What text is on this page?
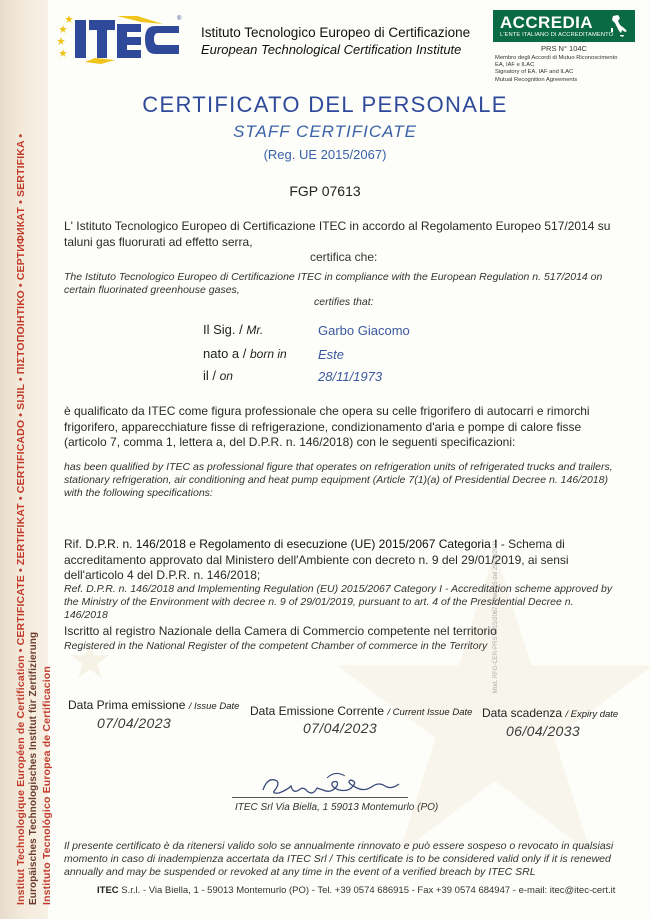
Institut Technologique Européen de Certification • CERTIFICATE • ZERTIFIKAT • CERTIFICADO • SIJIL • ΠΙΣΤΟΠΟΙΗΤΙΚΟ • СЕРТИФИКАТ • SERTIFIKA • Europäisches Technologisches Institut für Zertifizierung Instituto Tecnológico Europea de Certificacion
Mod. RFG-CER-PRS 2015/2067 | Rev. 05 del 29/05/2021
®
Istituto Tecnologico Europeo di Certificazione
European Technological Certification Institute
ACCREDIA
L'ENTE ITALIANO DI ACCREDITAMENTO
PRS N° 104C
Membro degli Accordi di Mutuo Riconoscimento
EA, IAF e ILAC
Signatory of EA, IAF and ILAC
Mutual Recognition Agreements
CERTIFICATO DEL PERSONALE
STAFF CERTIFICATE
(Reg. UE 2015/2067)
FGP 07613
L' Istituto Tecnologico Europeo di Certificazione ITEC in accordo al Regolamento Europeo 517/2014 su taluni gas fluorurati ad effetto serra,
certifica che:
The Istituto Tecnologico Europeo di Certificazione ITEC in compliance with the European Regulation n. 517/2014 on certain fluorinated greenhouse gases,
certifies that:
Il Sig. / Mr.	Garbo Giacomo
nato a / born in Este
il / on	28/11/1973
è qualificato da ITEC come figura professionale che opera su celle frigorifero di autocarri e rimorchi frigorifero, apparecchiature fisse di refrigerazione, condizionamento d'aria e pompe di calore fisse (articolo 7, comma 1, lettera a, del D.P.R. n. 146/2018) con le seguenti specificazioni:
has been qualified by ITEC as professional figure that operates on refrigeration units of refrigerated trucks and trailers, stationary refrigeration, air conditioning and heat pump equipment (Article 7(1)(a) of Presidential Decree n. 146/2018) with the following specifications:
Rif. D.P.R. n. 146/2018 e Regolamento di esecuzione (UE) 2015/2067 Categoria I - Schema di accreditamento approvato dal Ministero dell'Ambiente con decreto n. 9 del 29/01/2019, ai sensi dell'articolo 4 del D.P.R. n. 146/2018;
Ref. D.P.R. n. 146/2018 and Implementing Regulation (EU) 2015/2067 Category I - Accreditation scheme approved by the Ministry of the Environment with decree n. 9 of 29/01/2019, pursuant to art. 4 of the Presidential Decree n. 146/2018
Iscritto al registro Nazionale della Camera di Commercio competente nel territorio
Registered in the National Register of the competent Chamber of commerce in the Territory
Data Prima emissione / Issue Date
07/04/2023
Data Emissione Corrente / Current Issue Date
07/04/2023
Data scadenza / Expiry date
06/04/2033
ITEC Srl Via Biella, 1 59013 Montemurlo (PO)
Il presente certificato è da ritenersi valido solo se annualmente rinnovato e può essere sospeso o revocato in qualsiasi momento in caso di inadempienza accertata da ITEC Srl / This certificate is to be considered valid only if it is renewed annually and may be suspended or revoked at any time in the event of a verified breach by ITEC SRL
ITEC S.r.l. - Via Biella, 1 - 59013 Montemurlo (PO) - Tel. +39 0574 686915 - Fax +39 0574 684947 - e-mail: itec@itec-cert.it
